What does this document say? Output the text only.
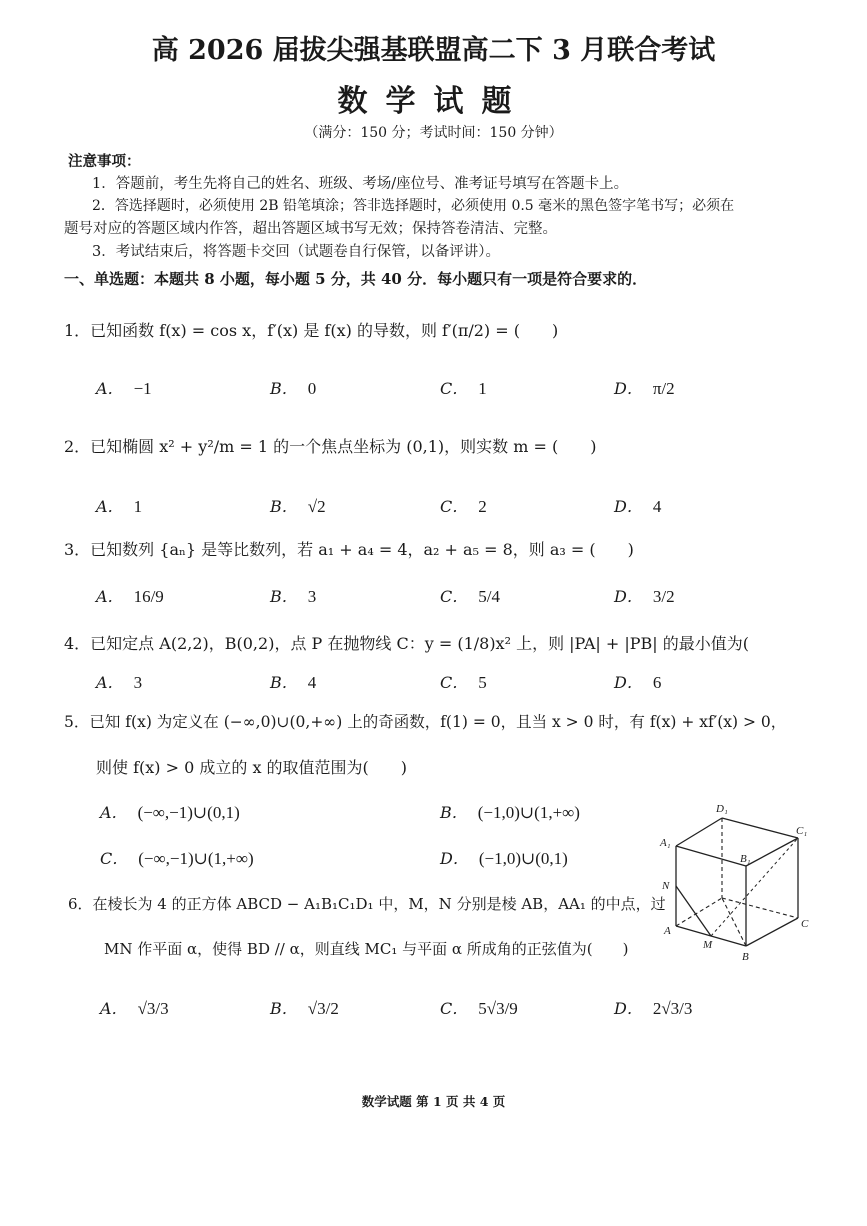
高 2026 届拔尖强基联盟高二下 3 月联合考试
数学试题
（满分：150 分；考试时间：150 分钟）
注意事项：
1．答题前，考生先将自己的姓名、班级、考场/座位号、准考证号填写在答题卡上。
2．答选择题时，必须使用 2B 铅笔填涂；答非选择题时，必须使用 0.5 毫米的黑色签字笔书写；必须在
题号对应的答题区域内作答，超出答题区域书写无效；保持答卷清洁、完整。
3．考试结束后，将答题卡交回（试题卷自行保管，以备评讲）。
一、单选题：本题共 8 小题，每小题 5 分，共 40 分．每小题只有一项是符合要求的．
1．已知函数 f(x) = cos x，f′(x) 是 f(x) 的导数，则 f′(π/2) = (　　)
A． −1	B． 0	C． 1	D． π/2
2．已知椭圆 x² + y²/m = 1 的一个焦点坐标为 (0,1)，则实数 m = (　　)
A． 1	B． √2	C． 2	D． 4
3．已知数列 {aₙ} 是等比数列，若 a₁ + a₄ = 4，a₂ + a₅ = 8，则 a₃ = (　　)
A． 16/9	B． 3	C． 5/4	D． 3/2
4．已知定点 A(2,2)，B(0,2)，点 P 在抛物线 C：y = (1/8)x² 上，则 |PA| + |PB| 的最小值为(
A． 3	B． 4	C． 5	D． 6
5．已知 f(x) 为定义在 (−∞,0)∪(0,+∞) 上的奇函数，f(1) = 0，且当 x > 0 时，有 f(x) + xf′(x) > 0，
则使 f(x) > 0 成立的 x 的取值范围为(　　)
A． (−∞,−1)∪(0,1)	B． (−1,0)∪(1,+∞)
C． (−∞,−1)∪(1,+∞)	D． (−1,0)∪(0,1)
6．在棱长为 4 的正方体 ABCD − A₁B₁C₁D₁ 中，M，N 分别是棱 AB，AA₁ 的中点，过
MN 作平面 α，使得 BD // α，则直线 MC₁ 与平面 α 所成角的正弦值为(　　)
A． √3/3	B． √3/2	C． 5√3/9	D． 2√3/3
D₁
C₁
A₁
B₁
N
A
M
B
C
数学试题 第 1 页 共 4 页
